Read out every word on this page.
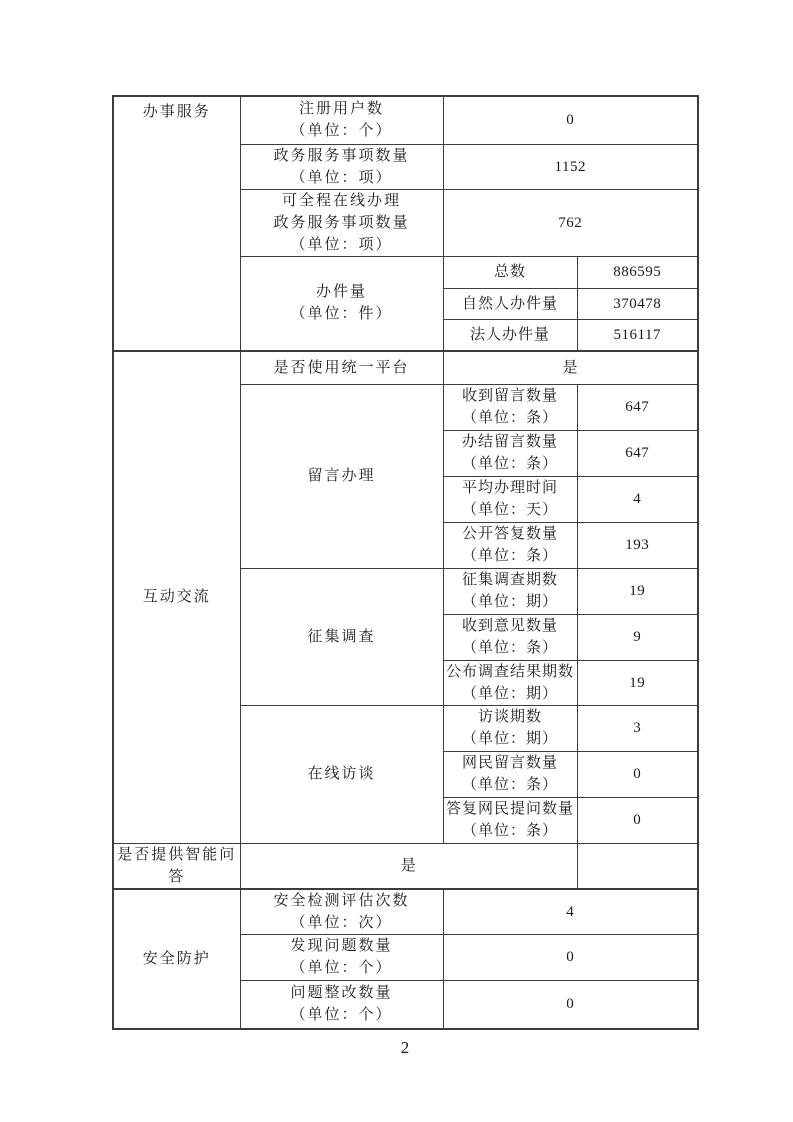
办事服务	注册用户数
（单位：个）	0	

	政务服务事项数量
（单位：项）	1152	

	可全程在线办理
政务服务事项数量
（单位：项）	762	

	办件量
（单位：件）	总数	886595
		自然人办件量	370478
		法人办件量	516117
互动交流	是否使用统一平台	是	
	留言办理	收到留言数量
（单位：条）	647

		办结留言数量
（单位：条）	647

		平均办理时间
（单位：天）	4

		公开答复数量
（单位：条）	193
	征集调查	征集调查期数
（单位：期）	19

		收到意见数量
（单位：条）	9

		公布调查结果期数
（单位：期）	19
	在线访谈	访谈期数
（单位：期）	3

		网民留言数量
（单位：条）	0

		答复网民提问数量
（单位：条）	0
是否提供智能问答	是		
安全防护	安全检测评估次数
（单位：次）	4	

	发现问题数量
（单位：个）	0	

	问题整改数量
（单位：个）	0	
2
